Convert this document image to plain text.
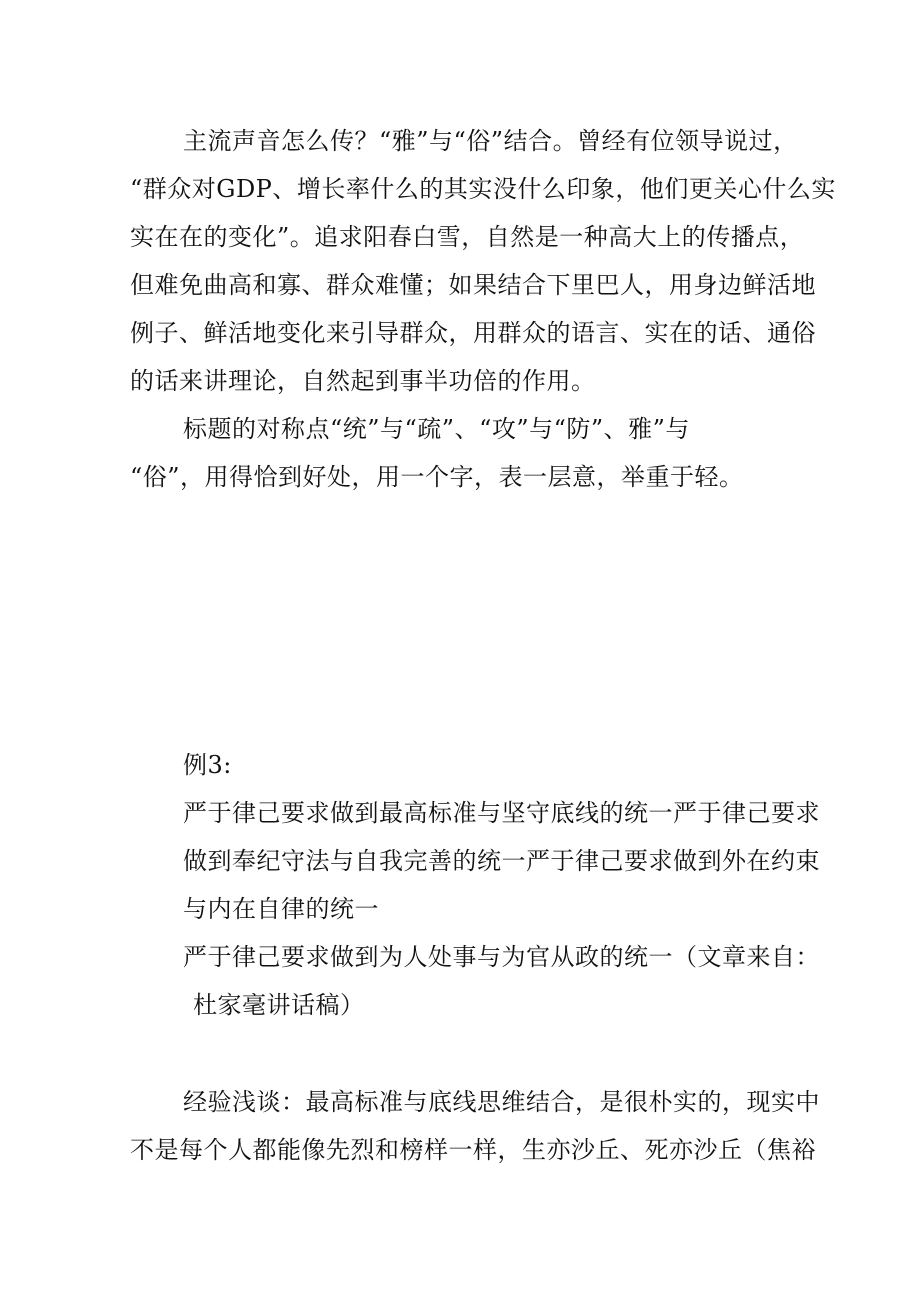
主流声音怎么传？“雅”与“俗”结合。曾经有位领导说过，
“群众对GDP、增长率什么的其实没什么印象，他们更关心什么实
实在在的变化”。追求阳春白雪，自然是一种高大上的传播点，
但难免曲高和寡、群众难懂；如果结合下里巴人，用身边鲜活地
例子、鲜活地变化来引导群众，用群众的语言、实在的话、通俗
的话来讲理论，自然起到事半功倍的作用。
标题的对称点“统”与“疏”、“攻”与“防”、雅”与
“俗”，用得恰到好处，用一个字，表一层意，举重于轻。
例3:
严于律己要求做到最高标准与坚守底线的统一严于律己要求
做到奉纪守法与自我完善的统一严于律己要求做到外在约束
与内在自律的统一
严于律己要求做到为人处事与为官从政的统一（文章来自：
杜家毫讲话稿）
经验浅谈：最高标准与底线思维结合，是很朴实的，现实中
不是每个人都能像先烈和榜样一样，生亦沙丘、死亦沙丘（焦裕
